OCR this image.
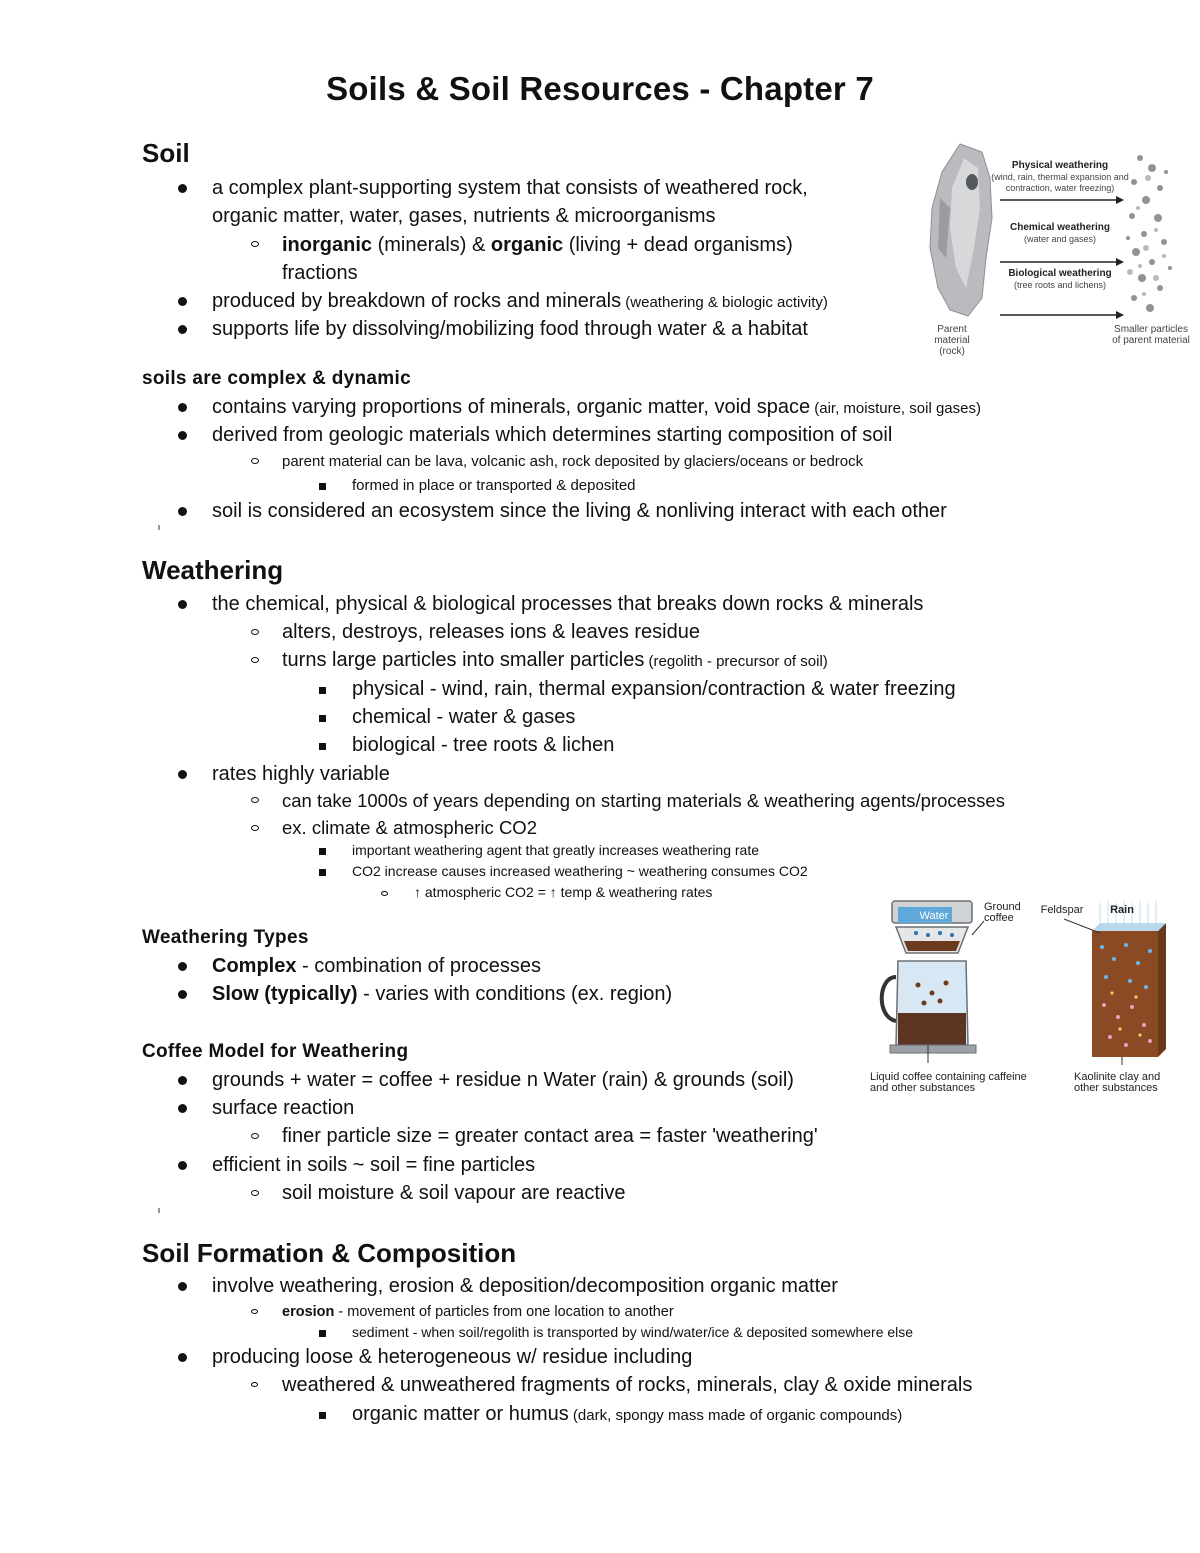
Soils & Soil Resources - Chapter 7
Soil
a complex plant-supporting system that consists of weathered rock,
organic matter, water, gases, nutrients & microorganisms
inorganic (minerals) & organic (living + dead organisms)
fractions
produced by breakdown of rocks and minerals (weathering & biologic activity)
supports life by dissolving/mobilizing food through water & a habitat
Physical weathering
(wind, rain, thermal expansion and contraction, water freezing)
Chemical weathering
(water and gases)
Biological weathering
(tree roots and lichens)
Parent material (rock)
Smaller particles of parent material
soils are complex & dynamic
contains varying proportions of minerals, organic matter, void space (air, moisture, soil gases)
derived from geologic materials which determines starting composition of soil
parent material can be lava, volcanic ash, rock deposited by glaciers/oceans or bedrock
formed in place or transported & deposited
soil is considered an ecosystem since the living & nonliving interact with each other
Weathering
the chemical, physical & biological processes that breaks down rocks & minerals
alters, destroys, releases ions & leaves residue
turns large particles into smaller particles (regolith - precursor of soil)
physical - wind, rain, thermal expansion/contraction & water freezing
chemical - water & gases
biological - tree roots & lichen
rates highly variable
can take 1000s of years depending on starting materials & weathering agents/processes
ex. climate & atmospheric CO2
important weathering agent that greatly increases weathering rate
CO2 increase causes increased weathering ~ weathering consumes CO2
↑ atmospheric CO2 = ↑ temp & weathering rates
Weathering Types
Complex - combination of processes
Slow (typically) - varies with conditions (ex. region)
Water
Ground coffee
Feldspar	Rain
Liquid coffee containing caffeine and other substances
Kaolinite clay and other substances
Coffee Model for Weathering
grounds + water = coffee + residue n Water (rain) & grounds (soil)
surface reaction
finer particle size = greater contact area = faster 'weathering'
efficient in soils ~ soil = fine particles
soil moisture & soil vapour are reactive
Soil Formation & Composition
involve weathering, erosion & deposition/decomposition organic matter
erosion - movement of particles from one location to another
sediment - when soil/regolith is transported by wind/water/ice & deposited somewhere else
producing loose & heterogeneous w/ residue including
weathered & unweathered fragments of rocks, minerals, clay & oxide minerals
organic matter or humus (dark, spongy mass made of organic compounds)
